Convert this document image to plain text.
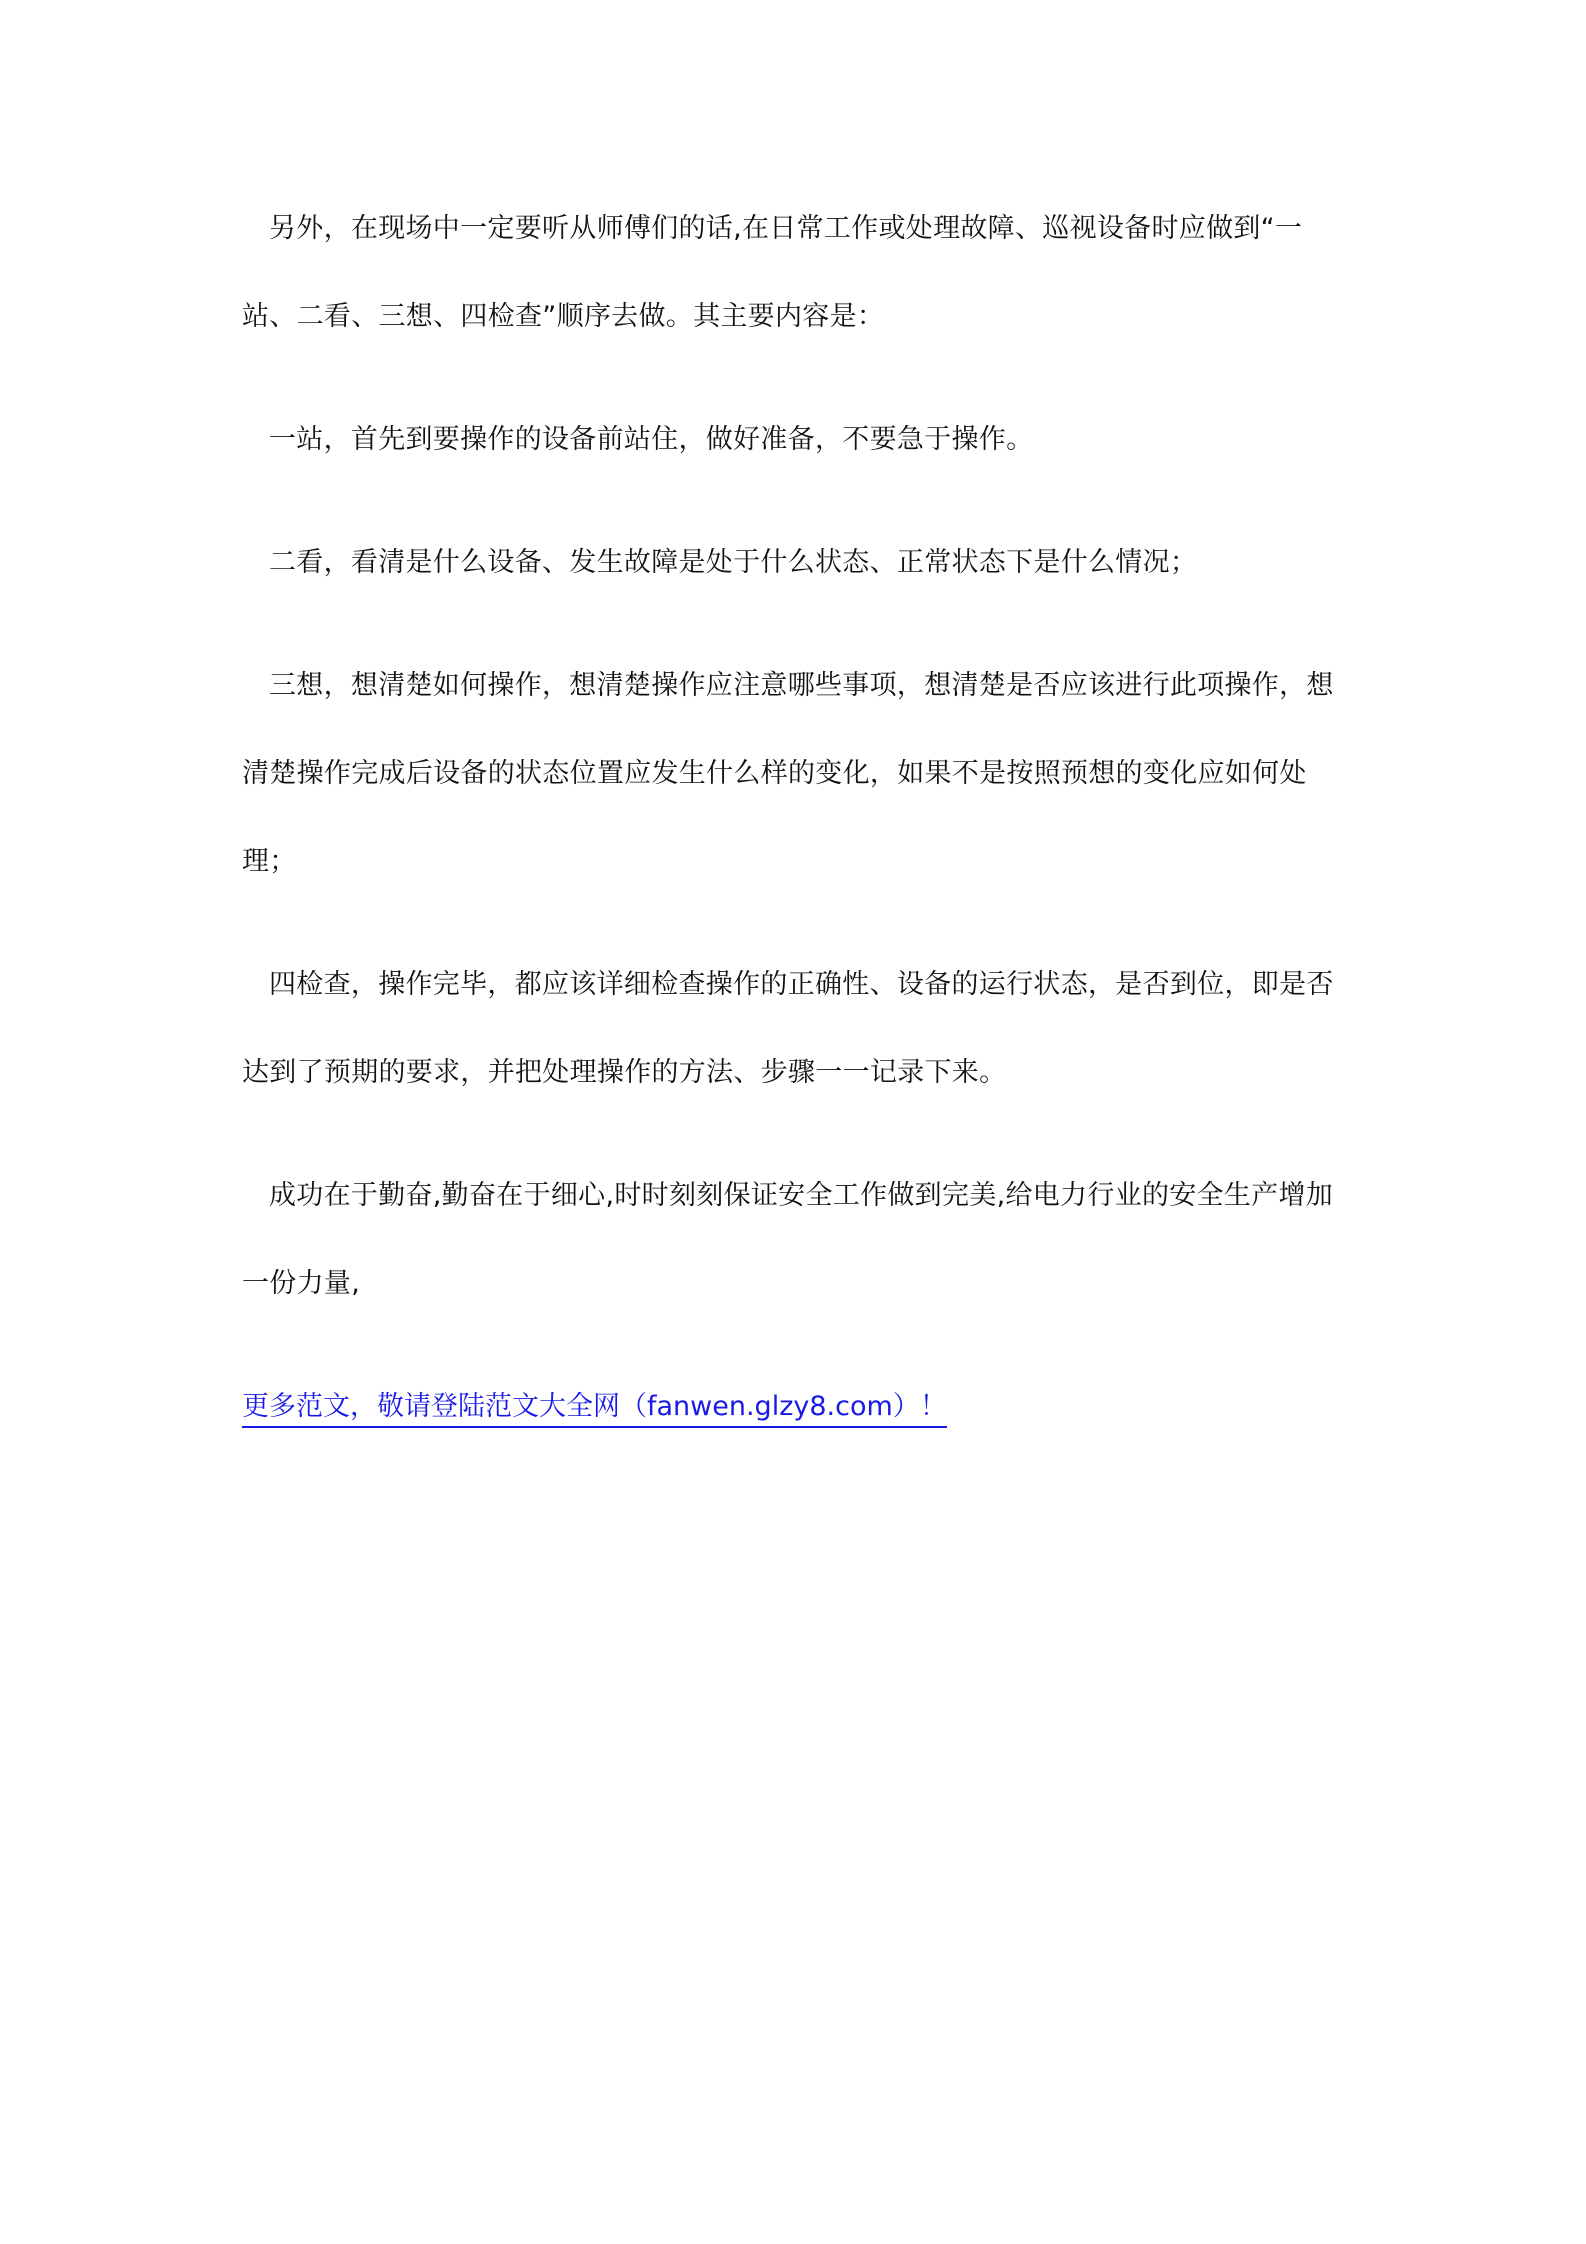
另外，在现场中一定要听从师傅们的话,在日常工作或处理故障、巡视设备时应做到“一站、二看、三想、四检查”顺序去做。其主要内容是：

一站，首先到要操作的设备前站住，做好准备，不要急于操作。

二看，看清是什么设备、发生故障是处于什么状态、正常状态下是什么情况；

三想，想清楚如何操作，想清楚操作应注意哪些事项，想清楚是否应该进行此项操作，想清楚操作完成后设备的状态位置应发生什么样的变化，如果不是按照预想的变化应如何处理；

四检查，操作完毕，都应该详细检查操作的正确性、设备的运行状态，是否到位，即是否达到了预期的要求，并把处理操作的方法、步骤一一记录下来。

成功在于勤奋,勤奋在于细心,时时刻刻保证安全工作做到完美,给电力行业的安全生产增加一份力量,

更多范文，敬请登陆范文大全网（fanwen.glzy8.com）！
